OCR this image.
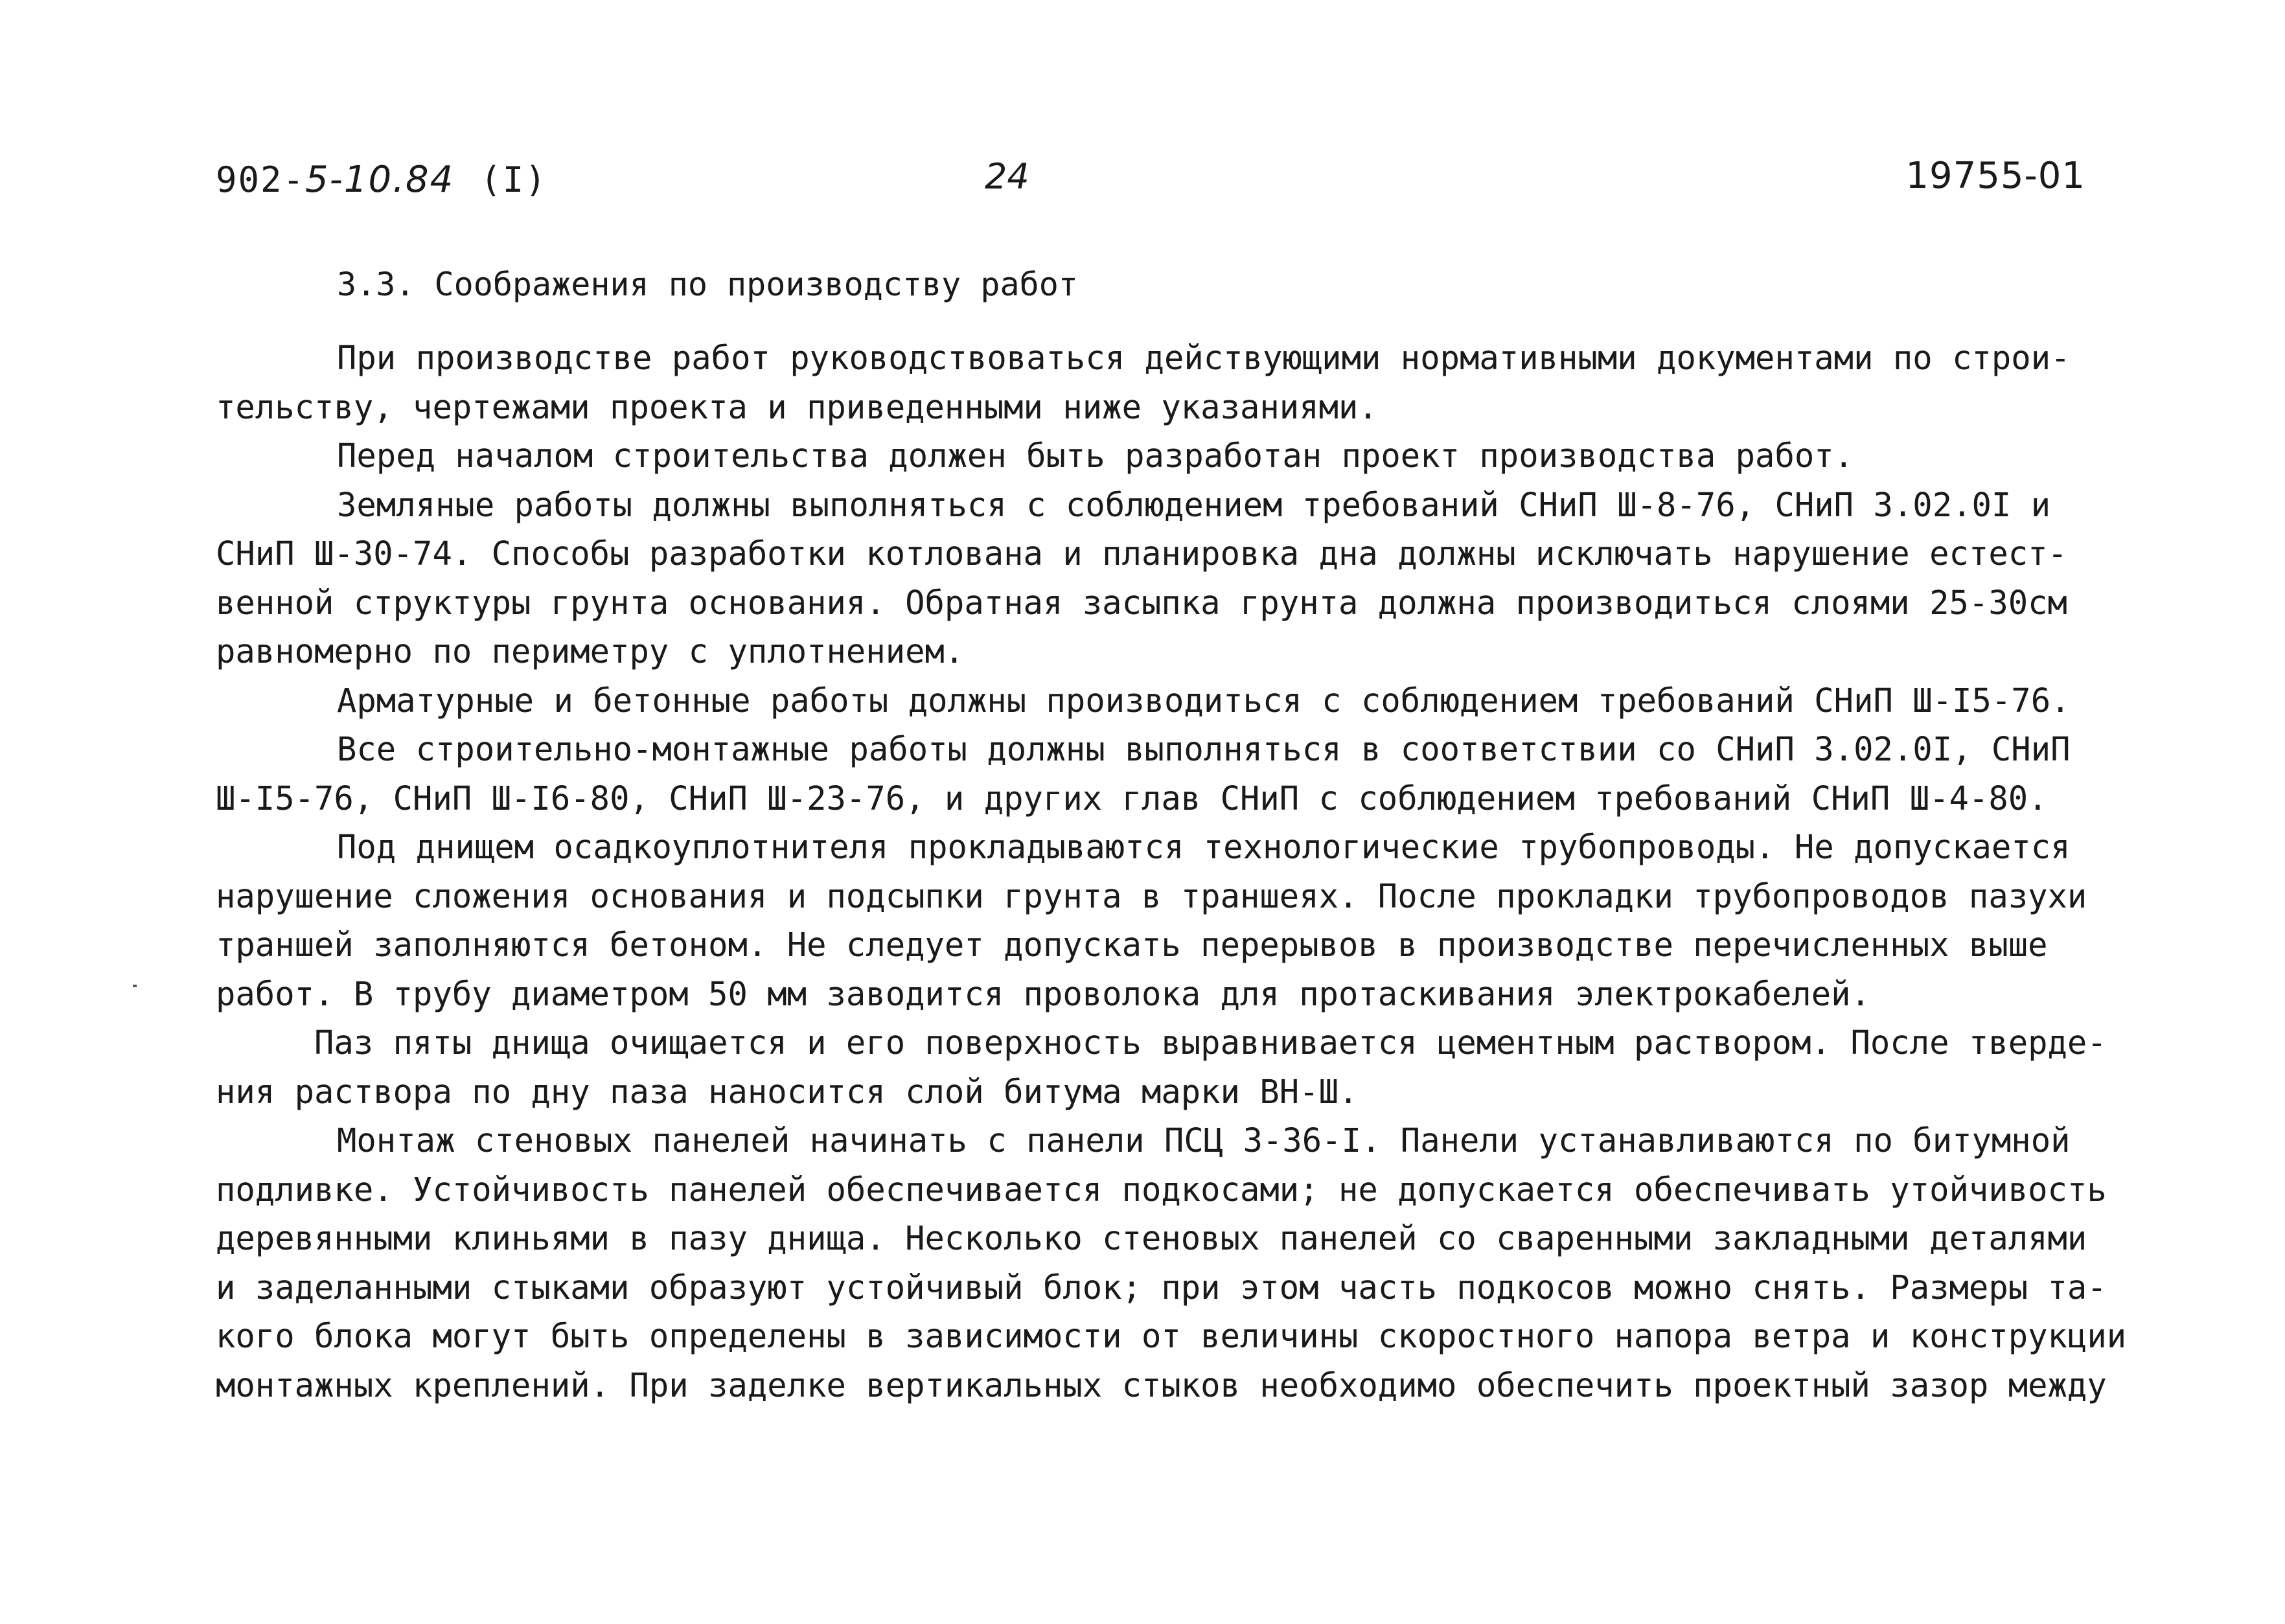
902-5-10.84 (I)	24	19755-01
3.3. Соображения по производству работ
При производстве работ руководствоваться действующими нормативными документами по строи-
тельству, чертежами проекта и приведенными ниже указаниями.
Перед началом строительства должен быть разработан проект производства работ.
Земляные работы должны выполняться с соблюдением требований СНиП Ш-8-76, СНиП 3.02.0I и
СНиП Ш-30-74. Способы разработки котлована и планировка дна должны исключать нарушение естест-
венной структуры грунта основания. Обратная засыпка грунта должна производиться слоями 25-30см
равномерно по периметру с уплотнением.
Арматурные и бетонные работы должны производиться с соблюдением требований СНиП Ш-I5-76.
Все строительно-монтажные работы должны выполняться в соответствии со СНиП 3.02.0I, СНиП
Ш-I5-76, СНиП Ш-I6-80, СНиП Ш-23-76, и других глав СНиП с соблюдением требований СНиП Ш-4-80.
Под днищем осадкоуплотнителя прокладываются технологические трубопроводы. Не допускается
нарушение сложения основания и подсыпки грунта в траншеях. После прокладки трубопроводов пазухи
траншей заполняются бетоном. Не следует допускать перерывов в производстве перечисленных выше
работ. В трубу диаметром 50 мм заводится проволока для протаскивания электрокабелей.
Паз пяты днища очищается и его поверхность выравнивается цементным раствором. После тверде-
ния раствора по дну паза наносится слой битума марки ВН-Ш.
Монтаж стеновых панелей начинать с панели ПСЦ 3-36-I. Панели устанавливаются по битумной
подливке. Устойчивость панелей обеспечивается подкосами; не допускается обеспечивать утойчивость
деревянными клиньями в пазу днища. Несколько стеновых панелей со сваренными закладными деталями
и заделанными стыками образуют устойчивый блок; при этом часть подкосов можно снять. Размеры та-
кого блока могут быть определены в зависимости от величины скоростного напора ветра и конструкции
монтажных креплений. При заделке вертикальных стыков необходимо обеспечить проектный зазор между
